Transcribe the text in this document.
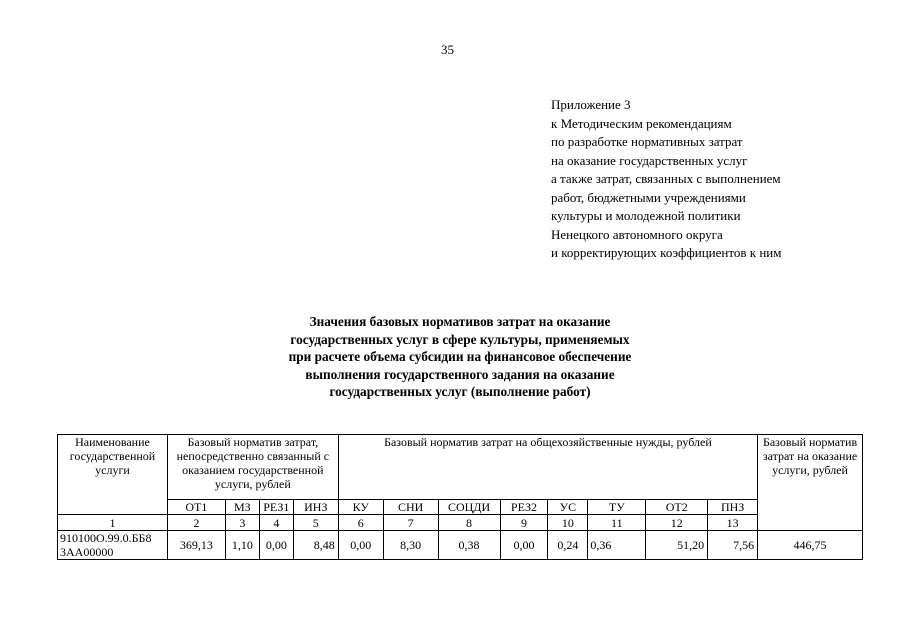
35
Приложение 3
к Методическим рекомендациям
по разработке нормативных затрат
на оказание государственных услуг
а также затрат, связанных с выполнением
работ, бюджетными учреждениями
культуры и молодежной политики
Ненецкого автономного округа
и корректирующих коэффициентов к ним
Значения базовых нормативов затрат на оказание
государственных услуг в сфере культуры, применяемых
при расчете объема субсидии на финансовое обеспечение
выполнения государственного задания на оказание
государственных услуг (выполнение работ)
Наименование государственной услуги	Базовый норматив затрат, непосредственно связанный с оказанием государственной услуги, рублей				Базовый норматив затрат на общехозяйственные нужды, рублей								Базовый норматив затрат на оказание услуги, рублей
	ОТ1	МЗ	РЕЗ1	ИНЗ	КУ	СНИ	СОЦДИ	РЕЗ2	УС	ТУ	ОТ2	ПНЗ	
1	2	3	4	5	6	7	8	9	10	11	12	13	

910100О.99.0.ББ8
3АА00000	369,13	1,10	0,00	8,48	0,00	8,30	0,38	0,00	0,24	0,36	51,20	7,56	446,75
